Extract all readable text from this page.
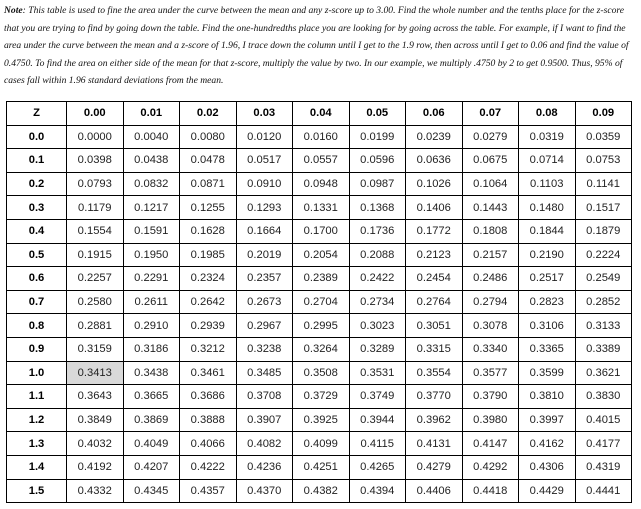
Note: This table is used to fine the area under the curve between the mean and any z-score up to 3.00. Find the whole number and the tenths place for the z-score that you are trying to find by going down the table. Find the one-hundredths place you are looking for by going across the table. For example, if I want to find the area under the curve between the mean and a z-score of 1.96, I trace down the column until I get to the 1.9 row, then across until I get to 0.06 and find the value of 0.4750. To find the area on either side of the mean for that z-score, multiply the value by two. In our example, we multiply .4750 by 2 to get 0.9500. Thus, 95% of cases fall within 1.96 standard deviations from the mean.
Z	0.00	0.01	0.02	0.03	0.04	0.05	0.06	0.07	0.08	0.09
0.0	0.0000	0.0040	0.0080	0.0120	0.0160	0.0199	0.0239	0.0279	0.0319	0.0359
0.1	0.0398	0.0438	0.0478	0.0517	0.0557	0.0596	0.0636	0.0675	0.0714	0.0753
0.2	0.0793	0.0832	0.0871	0.0910	0.0948	0.0987	0.1026	0.1064	0.1103	0.1141
0.3	0.1179	0.1217	0.1255	0.1293	0.1331	0.1368	0.1406	0.1443	0.1480	0.1517
0.4	0.1554	0.1591	0.1628	0.1664	0.1700	0.1736	0.1772	0.1808	0.1844	0.1879
0.5	0.1915	0.1950	0.1985	0.2019	0.2054	0.2088	0.2123	0.2157	0.2190	0.2224
0.6	0.2257	0.2291	0.2324	0.2357	0.2389	0.2422	0.2454	0.2486	0.2517	0.2549
0.7	0.2580	0.2611	0.2642	0.2673	0.2704	0.2734	0.2764	0.2794	0.2823	0.2852
0.8	0.2881	0.2910	0.2939	0.2967	0.2995	0.3023	0.3051	0.3078	0.3106	0.3133
0.9	0.3159	0.3186	0.3212	0.3238	0.3264	0.3289	0.3315	0.3340	0.3365	0.3389
1.0	0.3413	0.3438	0.3461	0.3485	0.3508	0.3531	0.3554	0.3577	0.3599	0.3621
1.1	0.3643	0.3665	0.3686	0.3708	0.3729	0.3749	0.3770	0.3790	0.3810	0.3830
1.2	0.3849	0.3869	0.3888	0.3907	0.3925	0.3944	0.3962	0.3980	0.3997	0.4015
1.3	0.4032	0.4049	0.4066	0.4082	0.4099	0.4115	0.4131	0.4147	0.4162	0.4177
1.4	0.4192	0.4207	0.4222	0.4236	0.4251	0.4265	0.4279	0.4292	0.4306	0.4319
1.5	0.4332	0.4345	0.4357	0.4370	0.4382	0.4394	0.4406	0.4418	0.4429	0.4441
